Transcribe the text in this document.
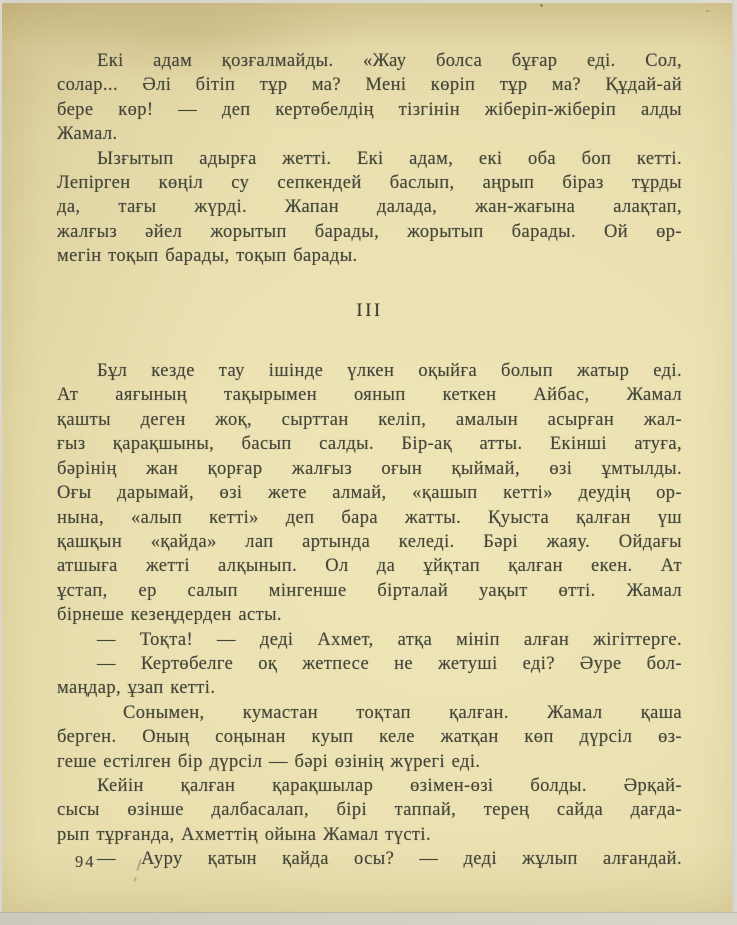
Екі адам қозғалмайды. «Жау болса бұғар еді. Сол,
солар... Әлі бітіп тұр ма? Мені көріп тұр ма? Құдай-ай
бере көр! — деп кертөбелдің тізгінін жіберіп-жіберіп алды
Жамал.
Ызғытып адырға жетті. Екі адам, екі оба боп кетті.
Лепірген көңіл су сепкендей баслып, аңрып біраз тұрды
да, тағы жүрді. Жапан далада, жан-жағына алақтап,
жалғыз әйел жорытып барады, жорытып барады. Ой өр-
мегін тоқып барады, тоқып барады.
III
Бұл кезде тау ішінде үлкен оқыйға болып жатыр еді.
Ат аяғының тақырымен оянып кеткен Айбас, Жамал
қашты деген жоқ, сырттан келіп, амалын асырған жал-
ғыз қарақшыны, басып салды. Бір-ақ атты. Екінші атуға,
бәрінің жан қорғар жалғыз оғын қыймай, өзі ұмтылды.
Оғы дарымай, өзі жете алмай, «қашып кетті» деудің ор-
нына, «алып кетті» деп бара жатты. Қуыста қалған үш
қашқын «қайда» лап артында келеді. Бәрі жаяу. Ойдағы
атшыға жетті алқынып. Ол да ұйқтап қалған екен. Ат
ұстап, ер салып мінгенше бірталай уақыт өтті. Жамал
бірнеше кезеңдерден асты.
— Тоқта! — деді Ахмет, атқа мініп алған жігіттерге.
— Кертөбелге оқ жетпесе не жетуші еді? Әуре бол-
маңдар, ұзап кетті.
Сонымен, кумастан тоқтап қалған. Жамал қаша
берген. Оның соңынан куып келе жатқан көп дүрсіл өз-
геше естілген бір дүрсіл — бәрі өзінің жүрегі еді.
Кейін қалған қарақшылар өзімен-өзі болды. Әрқай-
сысы өзінше далбасалап, бірі таппай, терең сайда дағда-
рып тұрғанда, Ахметтің ойына Жамал түсті.
— Ауру қатын қайда осы? — деді жұлып алғандай.
94
